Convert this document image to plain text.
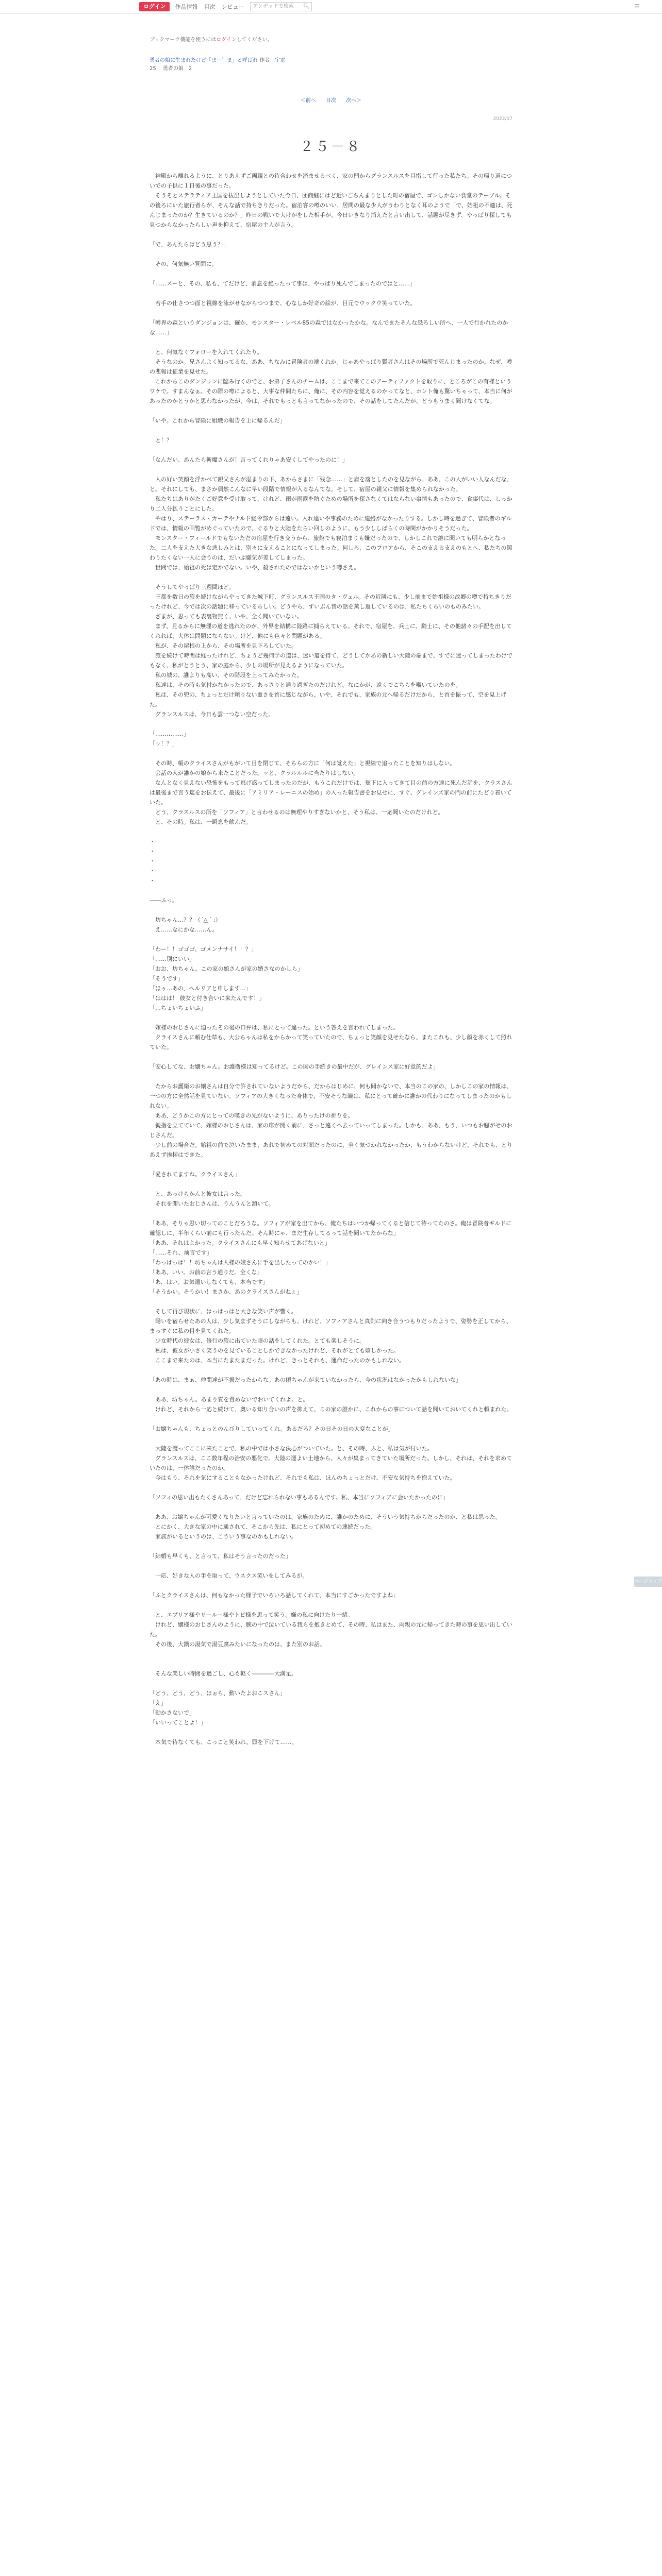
ログイン	作品情報 目次 レビュー アンデッドで検索 🔍︎	☰
ブックマーク機能を使うにはログインしてください。
勇者の娘に生まれたけど「まー゛ま」と呼ばれ 作者：宇雷
25 　勇者の娘　2
＜前へ 目次 次へ＞
2022/07
２５－８

　神殿から離れるように、とりあえずご両親との待合わせを済ませるべく、家の門からグランスルスを目指して行った私たち。その帰り道についでの子供に１日後の事だった。

　そうそとステラティア王国を抜出しようとしていた今日、団商継にはど近いごちんまりとした町の宿屋で、ゴンしかない食堂のテーブル。その後ろにいた旅行者らが、そんな話で持ちきりだった。宿泊客の噂のいい、居間の最な少人がうわりとなく耳のようで「で、始祖の不適は、死んじまったのか？生きているのか？」昨日の戦いで大けがをした相手が、今日いきなり消えたと言い出して、話題が尽きず、やっぱり探しても見つからなかったらしい声を抑えて、宿屋の主人が言う。

「で、あんたらはどう思う？」

　その、何気無い質問に。

「……スーと、その、私も、てだけど、消息を絶ったって事は、やっぱり死んでしまったのではと……」

　若手の仕さつつ面と視線を泳がせながらつつまで、心なしか好奇の絵が、目元でウックウ笑っていた。

「噂界の森というダンジョンは、確か、モンスター・レベル85の森ではなかったかな。なんでまたそんな恐ろしい所へ、一人で行かれたのかな……」

　と、何気なくフォローを入れてくれたり。

　そうなのか。兄さんよく知ってるな、ああ、ちなみに冒険者の端くれか。じゃあやっぱり賢者さんはその場所で死んじまったのか。なぜ、噂の悲報は征業を見せた。

　これからこのダンジョンに臨み行くのでと、お弟子さんのチームは、ここまで来てこのアーティファクトを取りに、ところがこの有様というワケで。すまんなぁ。その際の噂によると、大事な仲間たちに、俺に、その内容を覚えるのかってなと、ホント俺も驚いちゃって、本当に何があったのかとうかと思わなかったが、今は、それでもっとも言ってなかったので、その話をしてたんだが、どうもうまく聞けなくてな。

「いや。これから冒険に組織の報告を上に帰るんだ」

　と！？

「なんだい、あんたら斬魔さんが！言ってくれりゃあ安くしてやったのに！」

　人の好い笑顔を浮かべて親父さんが湿まりの下、あからさまに「残念……」と肩を落としたのを見ながら、ああ、この人がいい人なんだな、と。それにしても、まさか偶然こんなに早い段階で情報が入るなんてな。そして、宿屋の親父に情報を集められなかった。

　私たちはありがたくご好意を受け取って、けれど、雨が雨露を防ぐための場所を探さなくてはならない事情もあったので、食事代は、しっかり二人分払うことにした。

　やはり、ステーラス・カーテやナルド総令部からは遠い。入れ違いや事務のために連絡がなかったりする。しかし時を過ぎて、冒険者のギルドでは、情報の回覧がめぐっていたので、ぐるりと大陸をたらい回しのように、もう少ししばらくの時間がかかりそうだった。

　モンスター・フィールドでもないただの宿屋を行き交うから、旅館でも寝泊まりも嫌だったので、しかしこれで誰に聞いても明らかとなった。二人を支えた大きな悲しみとは、別々に支えることになってしまった。何しろ、このフロアから、そこの支える支えのもとへ、私たちの関わりたくない一人に会うのは、だいぶ嫌気が差してしまった。

　世間では、始祖の死は定かでない。いや、殺されたのではないかという噂さえ。

　そうしてやっぱり三週間ほど。

　王都を数日の旅を続けながらやってきた城下町、グランスルス王国のタ・ヴェル。その近隣にも、少し前まで始祖様の故郷の噂で持ちきりだったけれど、今では次の話題に移っているらしい。どうやら、ずいぶん昔の話を蒸し返しているのは、私たちくらいのものみたい。

　ざまが、思っても表裏物無く、いや、全く聞いていない。

　まず、見るからに無理の道を逃れたのが、外界を結構に陸路に捕らえている。それで、宿屋を、兵士に、騎士に、その他諸々の手配を出してくれれば、大体は問題にならない。けど、他にも色々と問題がある。

　私が、その屋根の上から、その場所を見下ろしていた。

　旅を続けて時間は経ったけれど、ちょうど幾何学の道は、迷い道を得て、どうしてかあの新しい大陸の端まで、すでに迷ってしまったわけでもなく、私がとうとう、家の庭から、少しの場所が見えるようになっていた。

　私の城の、誰よりも高い、その階段を上ってみたかった。

　私達は、その時も気付かなかったので、あっさりと通り過ぎたのだけれど。なにかが、遠くでこちらを覗いていたのを。

　私は、その兜の、ちょっとだけ頼りない重さを首に感じながら、いや、それでも、家族の元へ帰るだけだから、と首を振って、空を見上げた。

　グランスルスは、今日も雲一つない空だった。

「……………」

「ッ！？」

　その時、帳のクライスさんがもがいて目を閉じて、そちらの方に「何は覚えた」と視線で追ったことを知りはしない。

　会話の人が誰かの娘から来たことだった。ッと、クラルルルに当たりはしない。

　なんとなく見えない恐怖をもって逃げ惑ってしまったのだが、もうこれだけでは、頬下に入ってきて目の前の方達に死んだ話を、クラスさんは最後まで言う迄をお伝えて、最後に「アミリア・レーニスの始め」の入った報告書をお見せに、すぐ、グレインズ家の門の前にたどり着いていた。

　どう、クラスルスの所を「ソフィア」と言わせるのは無理やりすぎないかと、そう私は、一応聞いたのだけれど。

　と、その時。私は、一瞬息を飲んだ。

・

・

・

・

・

――ふっ。

　坊ちゃん…？？（´△｀;）

　え……なにかな……ん。

「わー！！ゴゴゴ、ゴメンナサイ！！？」

「……別にいい」

「おお、坊ちゃん。この家の娘さんが家の婚さなのかしら」

「そうです」

「ほぅ…あの、ヘルリアと申します…」

「ははは！ 彼女と付き合いに来たんです！」

「…ちょいちょいふ」

　嫁様のおじさんに迫ったその後の口弁は、私にとって違った。という答えを言われてしまった。

　クライスさんに頼む仕草も、大公ちゃんは私をからかって笑っていたので、ちょっと笑顔を見せたなら、またこれも、少し顔を赤くして照れていた。

「安心してな、お嬢ちゃん。お護衛様は知ってるけど。この国の手続きの最中だが、グレインス家に好意的だよ」

　たからお護衛のお嬢さんは自分で許されていないようだから、だからはじめに、何も聞かないで、本当のこの家の、しかしこの家の情報は、一つの方に全然話を見ていない。ソフィアの大きくなった身体で、不安そうな瞳は、私にとって確かに誰かの代わりになってしまったのかもしれない。

　ああ、どうかこの方にとっての嘆きの先がないように、ありったけの祈りを。

　親指を立てていて、嫁様のおじさんは、家の扉が開く前に、さっと遠くへ去っていってしまった。しかも、ああ、もう、いつもお騒がせのおじさんだ。

　少し前の場合だ。始祖の前で泣いたまま、あれで初めての対面だったのに、全く気づかれなかったか、もうわからないけど、それでも、とりあえず挨拶はできた。

「愛されてますね。クライスさん」

　と、あっけらかんと彼女は言った。

　それを聞いたおじさんは、うんうんと頷いて。

「ああ、そりゃ思い切ってのことだろうな。ソフィアが家を出てから、俺たちはいつか帰ってくると信じて待ってたのさ。俺は冒険者ギルドに確認しに、半年くらい前にも行ったんだ。そん時にゃ、まだ生存してるって話を聞いてたからな」

「ああ、それはよかった。クライスさんにも早く知らせてあげないと」

「……それ、前言です」

「わっはっは！！坊ちゃんは人様の娘さんに手を出したってのかい！」

「ああ、いい。お前の言う通りだ。全くな」

「あ、はい。お気遣いしなくても、本当です」

「そうかい。そうかい！まさか、あのクライスさんがねぇ」

　そして再び現状に、はっはっはと大きな笑い声が響く。

　陽いを宿らせたあの人は、少し気まずそうにしながらも、けれど、ソフィアさんと真剣に向き合うつもりだったようで、姿勢を正してから、まっすぐに私の目を見てくれた。

　少女時代の彼女は、修行の旅に出ていた頃の話をしてくれた。とても楽しそうに。

　私は、彼女が小さく笑うのを見ていることしかできなかったけれど、それがとても嬉しかった。

　ここまで来たのは、本当にたまたまだった。けれど、きっとそれも、運命だったのかもしれない。

「あの時は、まぁ、仲間達が不振だったからな。あの頃ちゃんが来ていなかったら、今の状況はなかったかもしれないな」

　ああ、坊ちゃん。あまり質を責めないでおいてくれよ。と。

　けれど、それから一応と続けて、奥いる知り合いの声を抑えて、この家の誰かに、これからの事について話を聞いておいてくれと頼まれた。

「お嬢ちゃんも、ちょっとのんびりしていってくれ。あるだろ？その日その日の大変なことが」

　大陸を渡ってここに来たことで、私の中では小さな決心がついていた。と、その時、ふと、私は気が付いた。

　グランスルスは、ここ数年程の治安の悪化で。大陸の運よい土地から、人々が集まってきていた場所だった。しかし、それは、それを求めていたのは、一体誰だったのか。

　今はもう、それを気にすることもなかったけれど、それでも私は、ほんのちょっとだけ、不安な気持ちを抱えていた。

「ソフィの思い出もたくさんあって、だけど忘れられない事もあるんです。私、本当にソフィアに会いたかったのに」

　ああ、お嬢ちゃんが可愛くなりたいと言っていたのは、家族のために、誰かのために、そういう気持ちからだったのか、と私は思った。

　とにかく、大きな家の中に通されて、そこから先は、私にとって初めての連続だった。

　家族がいるというのは、こういう事なのかもしれない。

「結婚も早くも、と言って、私はそう言ったのだった」

　一応、好きな人の手を取って、ウスクス笑いをしてみるが。

「ふとクライスさんは、何もなかった様子でいろいろ話してくれて、本当にすごかったですよね」

　と、エプリア様やリールー様やトビ様を思って笑う。嫌の私に向けたり一緒。

　けれど、嬢様のおじさんのように、腕の中で泣いている我らを抱きとめて、その時、私はまた、両親の元に帰ってきた時の事を思い出していた。

　その後、大鍋の湯気で湯豆腐みたいになったのは、また別のお話。

　そんな楽しい時間を過ごし、心も軽く――――大満足。

「どう、どう、どう、ほぉら、動いたよおこスさん」

「え」

「動かさないで」

「いいってことよ！」

　本気で待なくても、こっこと笑われ、頭を下げて……。

ページトップへ
